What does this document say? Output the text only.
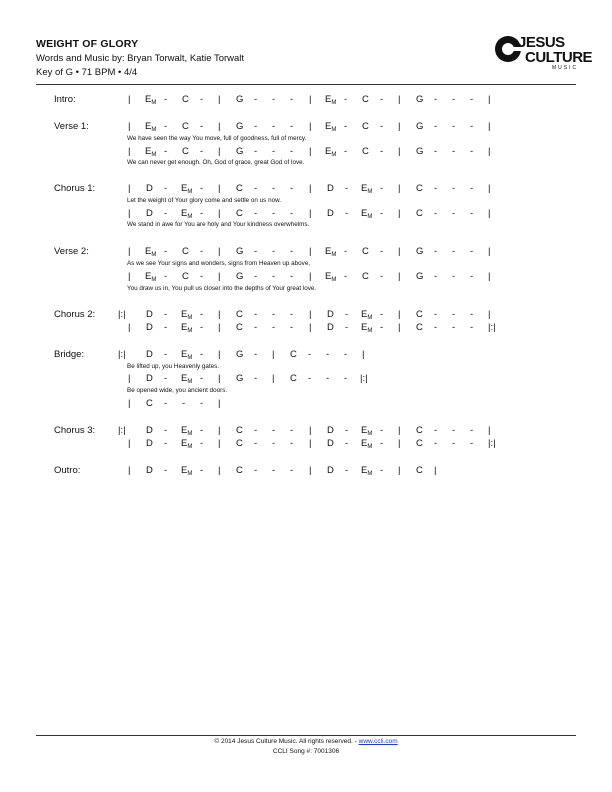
WEIGHT OF GLORY
Words and Music by: Bryan Torwalt, Katie Torwalt
Key of G • 71 BPM • 4/4
JESUS
CULTURE
MUSIC
Intro:
Verse 1:
Chorus 1:
Verse 2:
Chorus 2:
Bridge:
Chorus 3:
Outro:
| $E_M$ - C - | G - - - | $E_M$ - C - | G - - - |
| $E_M$ - C - | G - - - | $E_M$ - C - | G - - - |
| $E_M$ - C - | G - - - | $E_M$ - C - | G - - - |
| D - $E_M$ - | C - - - | D - $E_M$ - | C - - - |
| D - $E_M$ - | C - - - | D - $E_M$ - | C - - - |
| $E_M$ - C - | G - - - | $E_M$ - C - | G - - - |
| $E_M$ - C - | G - - - | $E_M$ - C - | G - - - |
|:| D - $E_M$ - | C - - - | D - $E_M$ - | C - - - |
| D - $E_M$ - | C - - - | D - $E_M$ - | C - - - |:|
|:| D - $E_M$ - | C - - - | D - $E_M$ - | C - - - |
| D - $E_M$ - | C - - - | D - $E_M$ - | C - - - |:|
|:| D - $E_M$ - | G - | C - - - |
| D - $E_M$ - | G - | C - - - |:|
| C - - - |
| D - $E_M$ - | C - - - | D - $E_M$ - | C |
We have seen the way You move, full of goodness, full of mercy.
We can never get enough. Oh, God of grace, great God of love.
Let the weight of Your glory come and settle on us now.
We stand in awe for You are holy and Your kindness overwhelms.
As we see Your signs and wonders, signs from Heaven up above,
You draw us in, You pull us closer into the depths of Your great love.
Be lifted up, you Heavenly gates.
Be opened wide, you ancient doors.
© 2014 Jesus Culture Music. All rights reserved. - www.ccli.com
CCLI Song #: 7001306
